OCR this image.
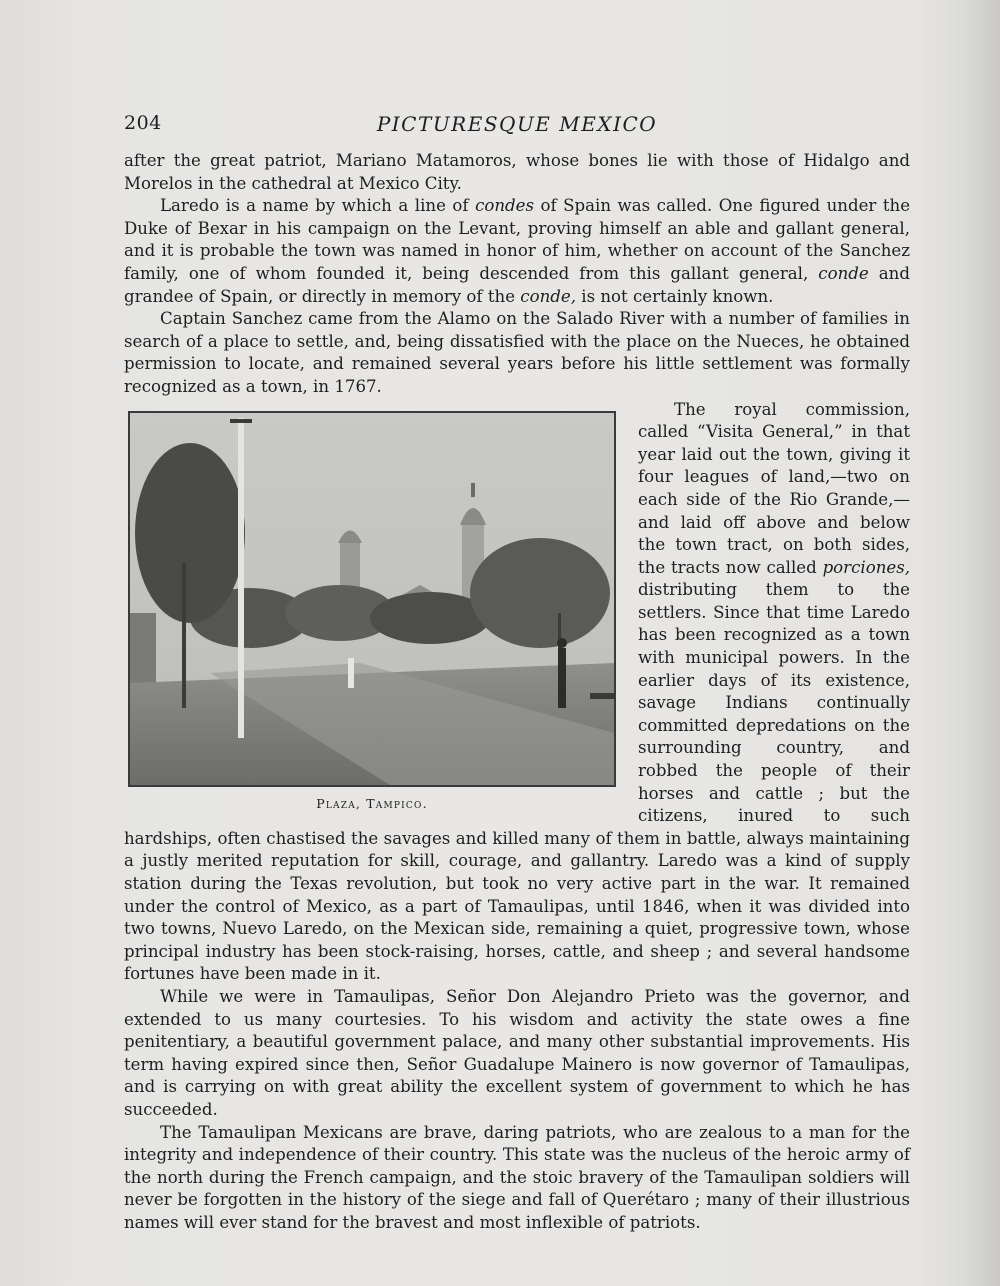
204	PICTURESQUE MEXICO

after the great patriot, Mariano Matamoros, whose bones lie with those of Hidalgo and Morelos in the cathedral at Mexico City.

Laredo is a name by which a line of condes of Spain was called. One figured under the Duke of Bexar in his campaign on the Levant, proving himself an able and gallant general, and it is probable the town was named in honor of him, whether on account of the Sanchez family, one of whom founded it, being descended from this gallant general, conde and grandee of Spain, or directly in memory of the conde, is not certainly known.

Captain Sanchez came from the Alamo on the Salado River with a number of families in search of a place to settle, and, being dissatisfied with the place on the Nueces, he obtained permission to locate, and remained several years before his little settlement was formally recognized as a town, in 1767.

Plaza, Tampico.

The royal commission, called “Visita General,” in that year laid out the town, giving it four leagues of land,—two on each side of the Rio Grande,—and laid off above and below the town tract, on both sides, the tracts now called porciones, distributing them to the settlers. Since that time Laredo has been recognized as a town with municipal powers. In the earlier days of its existence, savage Indians continually committed depredations on the surrounding country, and robbed the people of their horses and cattle ; but the citizens, inured to such hardships, often chastised the savages and killed many of them in battle, always maintaining a justly merited reputation for skill, courage, and gallantry. Laredo was a kind of supply station during the Texas revolution, but took no very active part in the war. It remained under the control of Mexico, as a part of Tamaulipas, until 1846, when it was divided into two towns, Nuevo Laredo, on the Mexican side, remaining a quiet, progressive town, whose principal industry has been stock-raising, horses, cattle, and sheep ; and several handsome fortunes have been made in it.

While we were in Tamaulipas, Señor Don Alejandro Prieto was the governor, and extended to us many courtesies. To his wisdom and activity the state owes a fine penitentiary, a beautiful government palace, and many other substantial improvements. His term having expired since then, Señor Guadalupe Mainero is now governor of Tamaulipas, and is carrying on with great ability the excellent system of government to which he has succeeded.

The Tamaulipan Mexicans are brave, daring patriots, who are zealous to a man for the integrity and independence of their country. This state was the nucleus of the heroic army of the north during the French campaign, and the stoic bravery of the Tamaulipan soldiers will never be forgotten in the history of the siege and fall of Querétaro ; many of their illustrious names will ever stand for the bravest and most inflexible of patriots.
